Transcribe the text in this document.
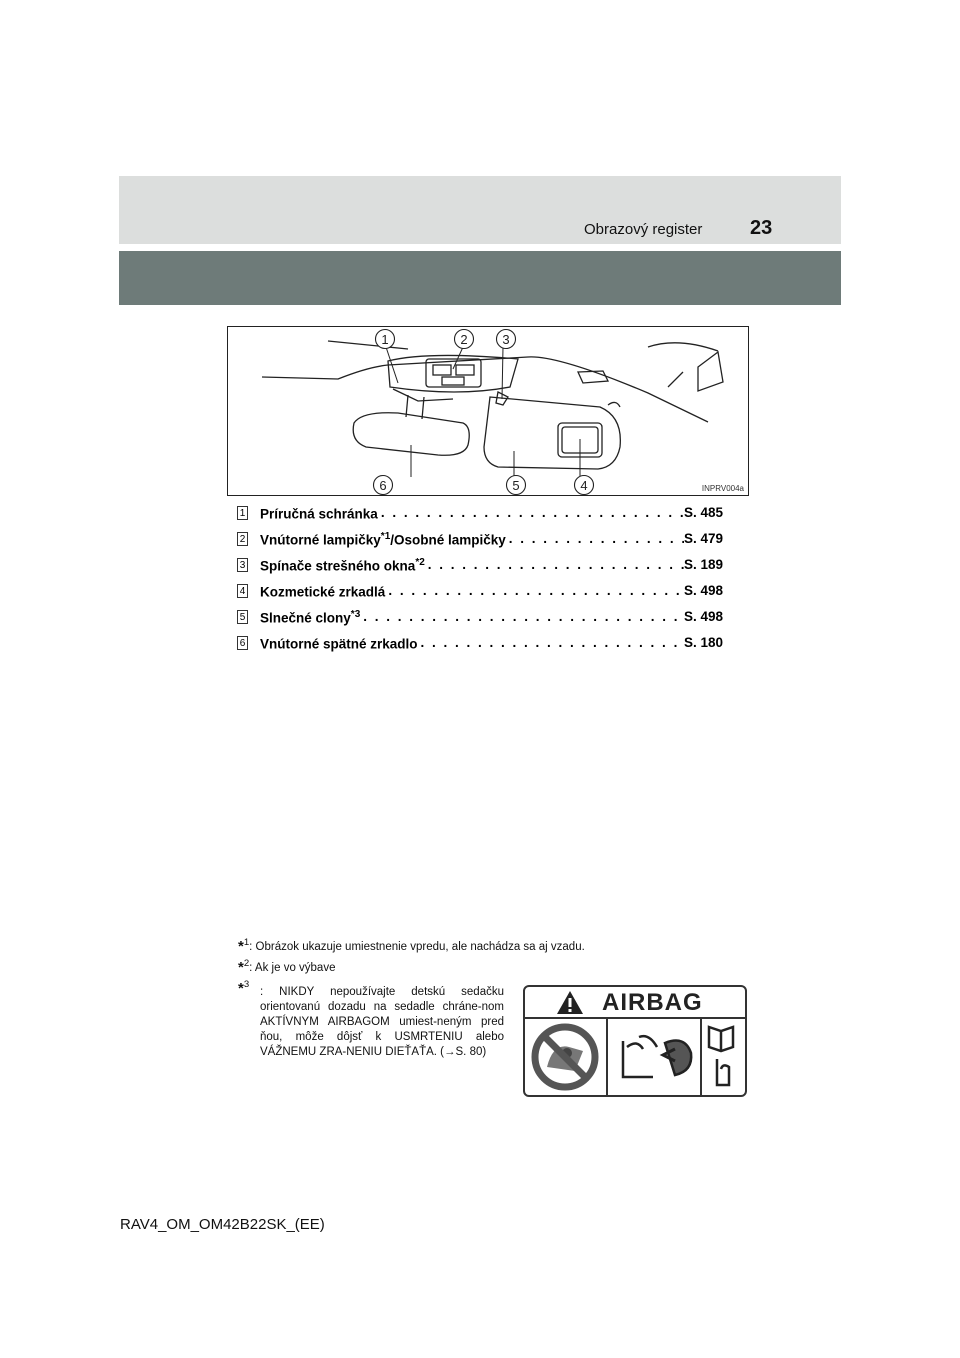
Obrazový register 23
1	2	3
4
5
6	INPRV004a
1 Príručná schránka . . .	S. 485
2 Vnútorné lampičky$^{*1}$/Osobné lampičky . . .	S. 479
3 Spínače strešného okna$^{*2}$ . . .	S. 189
4 Kozmetické zrkadlá . . .	S. 498
5 Slnečné clony$^{*3}$ . . .	S. 498
6 Vnútorné spätné zrkadlo . . .	S. 180
*$^1$: Obrázok ukazuje umiestnenie vpredu, ale nachádza sa aj vzadu.
*$^2$: Ak je vo výbave
*$^3$
: NIKDY nepoužívajte detskú sedačku orientovanú dozadu na sedadle chráne-nom AKTÍVNYM AIRBAGOM umiest-neným pred ňou, môže dôjsť k USMRTENIU alebo VÁŽNEMU ZRA-NENIU DIEŤAŤA. (→S. 80)
AIRBAG
RAV4_OM_OM42B22SK_(EE)
